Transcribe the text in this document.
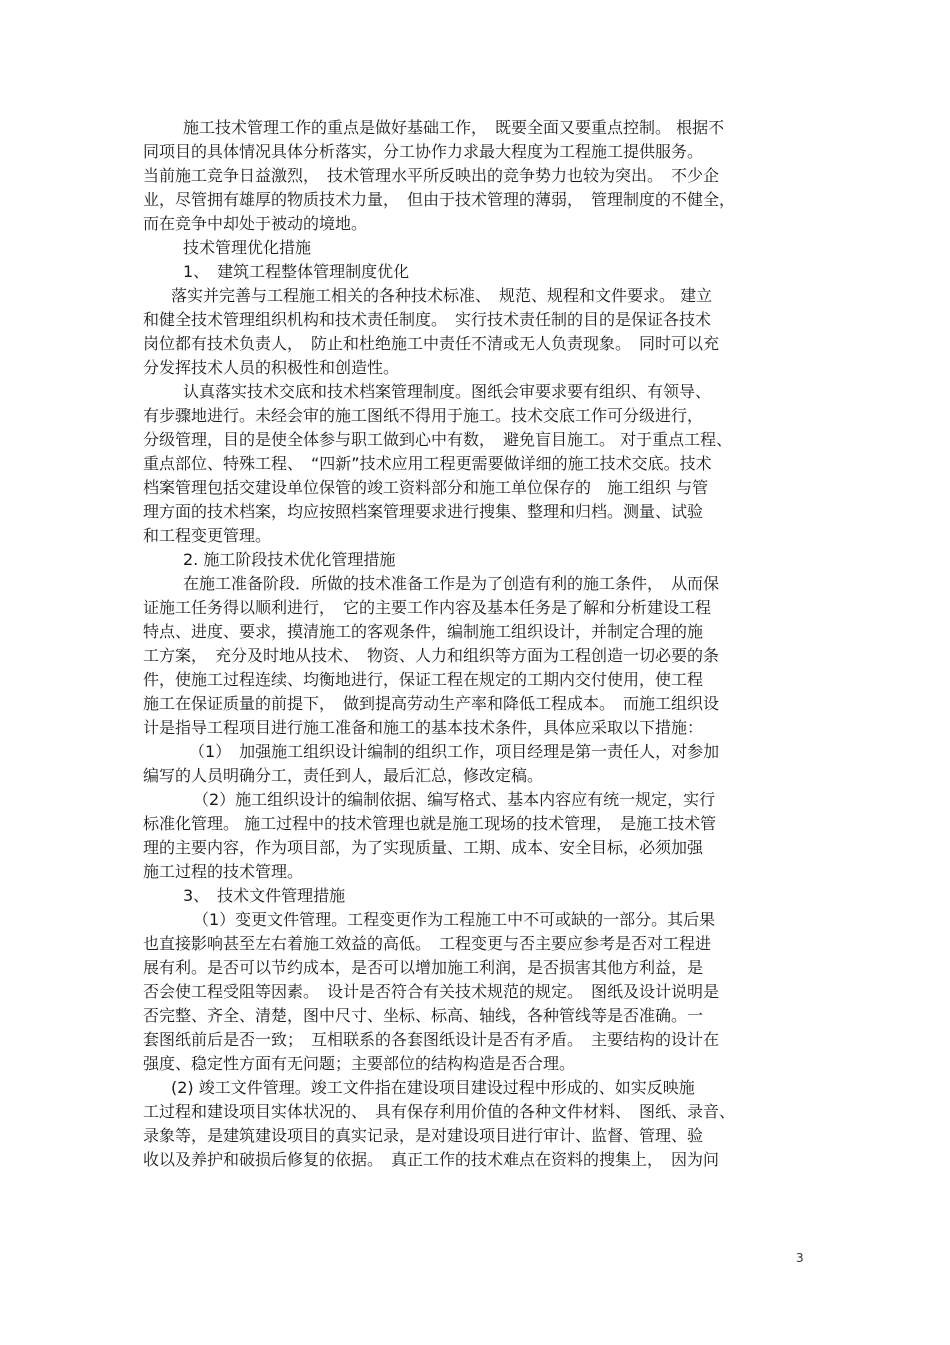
施工技术管理工作的重点是做好基础工作，　既要全面又要重点控制。 根据不
同项目的具体情况具体分析落实，分工协作力求最大程度为工程施工提供服务。
当前施工竞争日益激烈，　技术管理水平所反映出的竞争势力也较为突出。　不少企
业，尽管拥有雄厚的物质技术力量，　但由于技术管理的薄弱，　管理制度的不健全，
而在竞争中却处于被动的境地。
技术管理优化措施
1、　建筑工程整体管理制度优化
落实并完善与工程施工相关的各种技术标准、　规范、规程和文件要求。 建立
和健全技术管理组织机构和技术责任制度。　实行技术责任制的目的是保证各技术
岗位都有技术负责人，　防止和杜绝施工中责任不清或无人负责现象。　同时可以充
分发挥技术人员的积极性和创造性。
认真落实技术交底和技术档案管理制度。图纸会审要求要有组织、有领导、
有步骤地进行。未经会审的施工图纸不得用于施工。技术交底工作可分级进行，
分级管理，目的是使全体参与职工做到心中有数，　避免盲目施工。 对于重点工程、
重点部位、特殊工程、　“四新”技术应用工程更需要做详细的施工技术交底。技术
档案管理包括交建设单位保管的竣工资料部分和施工单位保存的　施工组织 与管
理方面的技术档案，均应按照档案管理要求进行搜集、整理和归档。测量、试验
和工程变更管理。
2. 施工阶段技术优化管理措施
在施工准备阶段．所做的技术准备工作是为了创造有利的施工条件，　从而保
证施工任务得以顺利进行，　它的主要工作内容及基本任务是了解和分析建设工程
特点、进度、要求，摸清施工的客观条件，编制施工组织设计，并制定合理的施
工方案，　充分及时地从技术、　物资、人力和组织等方面为工程创造一切必要的条
件，使施工过程连续、均衡地进行，保证工程在规定的工期内交付使用，使工程
施工在保证质量的前提下，　做到提高劳动生产率和降低工程成本。　而施工组织设
计是指导工程项目进行施工准备和施工的基本技术条件，具体应采取以下措施：
（1）　加强施工组织设计编制的组织工作，项目经理是第一责任人，对参加
编写的人员明确分工，责任到人，最后汇总，修改定稿。
（2）施工组织设计的编制依据、编写格式、基本内容应有统一规定，实行
标准化管理。 施工过程中的技术管理也就是施工现场的技术管理，　是施工技术管
理的主要内容，作为项目部，为了实现质量、工期、成本、安全目标，必须加强
施工过程的技术管理。
3、　技术文件管理措施
（1）变更文件管理。工程变更作为工程施工中不可或缺的一部分。其后果
也直接影响甚至左右着施工效益的高低。　工程变更与否主要应参考是否对工程进
展有利。是否可以节约成本，是否可以增加施工利润，是否损害其他方利益，是
否会使工程受阻等因素。　设计是否符合有关技术规范的规定。　图纸及设计说明是
否完整、齐全、清楚，图中尺寸、坐标、标高、轴线，各种管线等是否准确。一
套图纸前后是否一致；　互相联系的各套图纸设计是否有矛盾。　主要结构的设计在
强度、稳定性方面有无问题；主要部位的结构构造是否合理。
(2) 竣工文件管理。竣工文件指在建设项目建设过程中形成的、如实反映施
工过程和建设项目实体状况的、　具有保存利用价值的各种文件材料、　图纸、录音、
录象等，是建筑建设项目的真实记录，是对建设项目进行审计、监督、管理、验
收以及养护和破损后修复的依据。　真正工作的技术难点在资料的搜集上，　因为问
3
